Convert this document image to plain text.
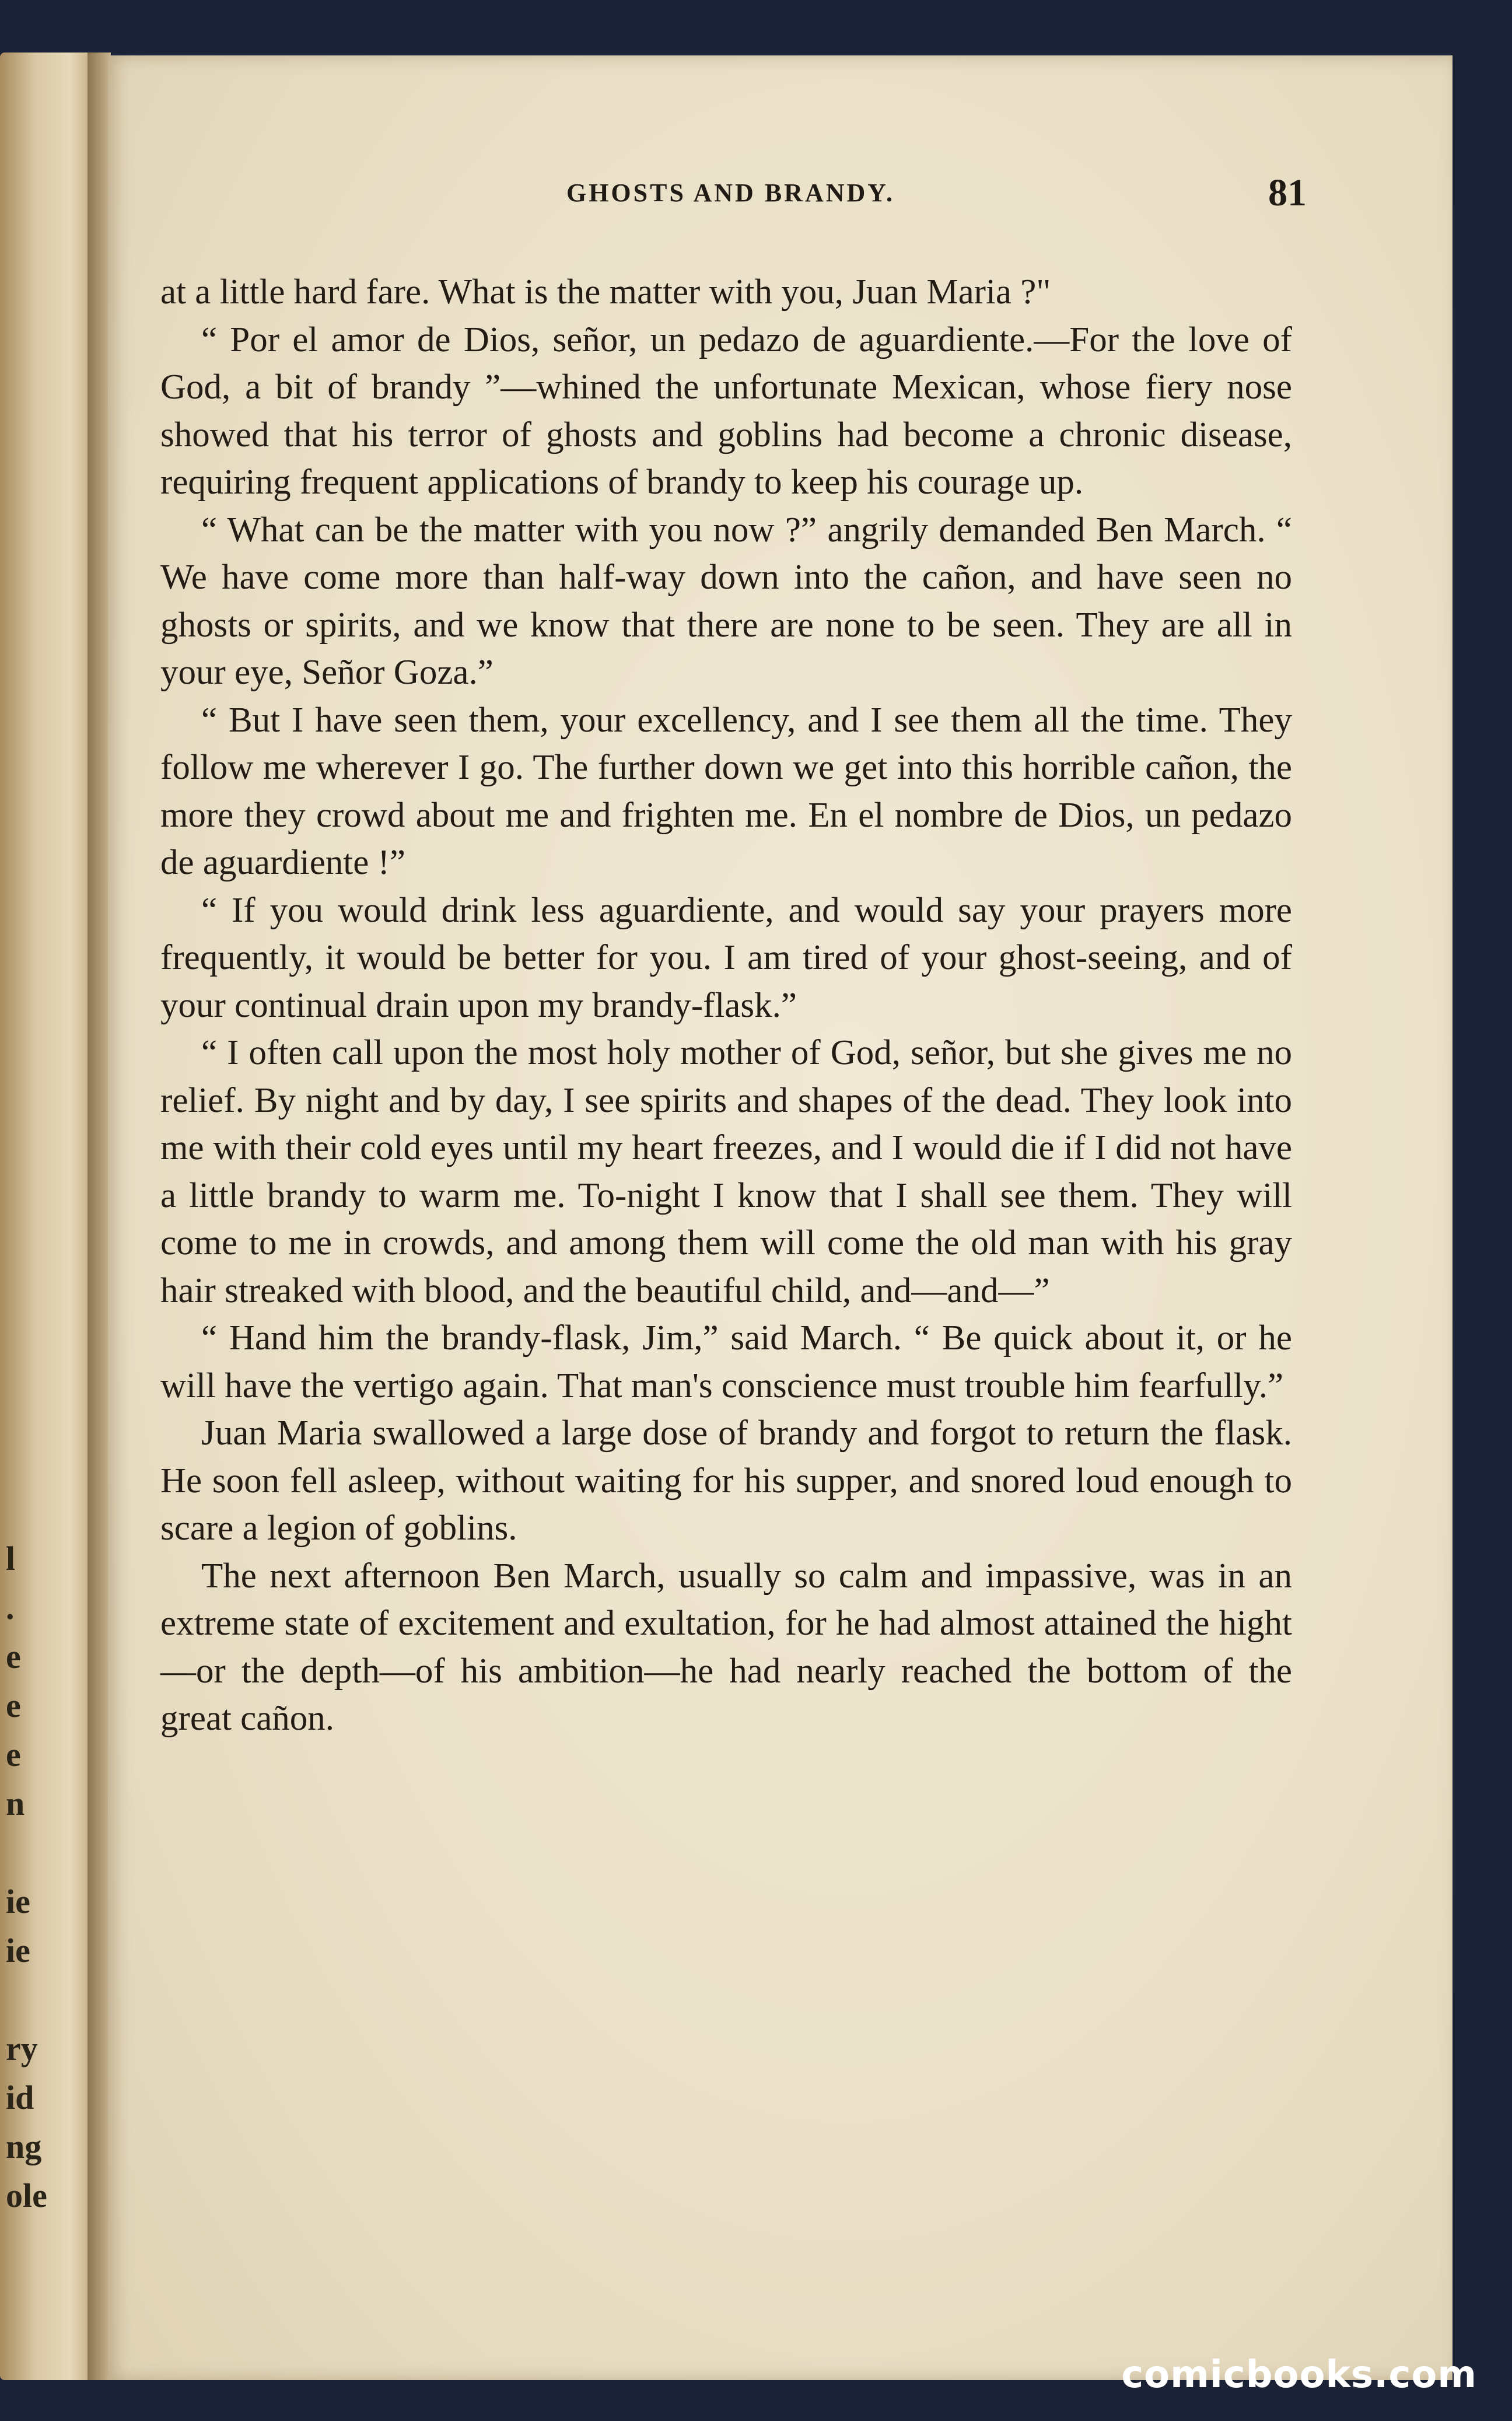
l
.
e
e
e
n

ie
ie

ry
id
ng
ole
GHOSTS AND BRANDY.	81

at a little hard fare. What is the matter with you, Juan Maria ?"

“ Por el amor de Dios, señor, un pedazo de aguardiente.—For the love of God, a bit of brandy ”—whined the unfortunate Mexican, whose fiery nose showed that his terror of ghosts and goblins had become a chronic disease, requiring frequent applications of brandy to keep his courage up.

“ What can be the matter with you now ?” angrily demanded Ben March. “ We have come more than half-way down into the cañon, and have seen no ghosts or spirits, and we know that there are none to be seen. They are all in your eye, Señor Goza.”

“ But I have seen them, your excellency, and I see them all the time. They follow me wherever I go. The further down we get into this horrible cañon, the more they crowd about me and frighten me. En el nombre de Dios, un pedazo de aguardiente !”

“ If you would drink less aguardiente, and would say your prayers more frequently, it would be better for you. I am tired of your ghost-seeing, and of your continual drain upon my brandy-flask.”

“ I often call upon the most holy mother of God, señor, but she gives me no relief. By night and by day, I see spirits and shapes of the dead. They look into me with their cold eyes until my heart freezes, and I would die if I did not have a little brandy to warm me. To-night I know that I shall see them. They will come to me in crowds, and among them will come the old man with his gray hair streaked with blood, and the beautiful child, and—and—”

“ Hand him the brandy-flask, Jim,” said March. “ Be quick about it, or he will have the vertigo again. That man's conscience must trouble him fearfully.”

Juan Maria swallowed a large dose of brandy and forgot to return the flask. He soon fell asleep, without waiting for his supper, and snored loud enough to scare a legion of goblins.

The next afternoon Ben March, usually so calm and impassive, was in an extreme state of excitement and exultation, for he had almost attained the hight—or the depth—of his ambition—he had nearly reached the bottom of the great cañon.

comicbooks.com
